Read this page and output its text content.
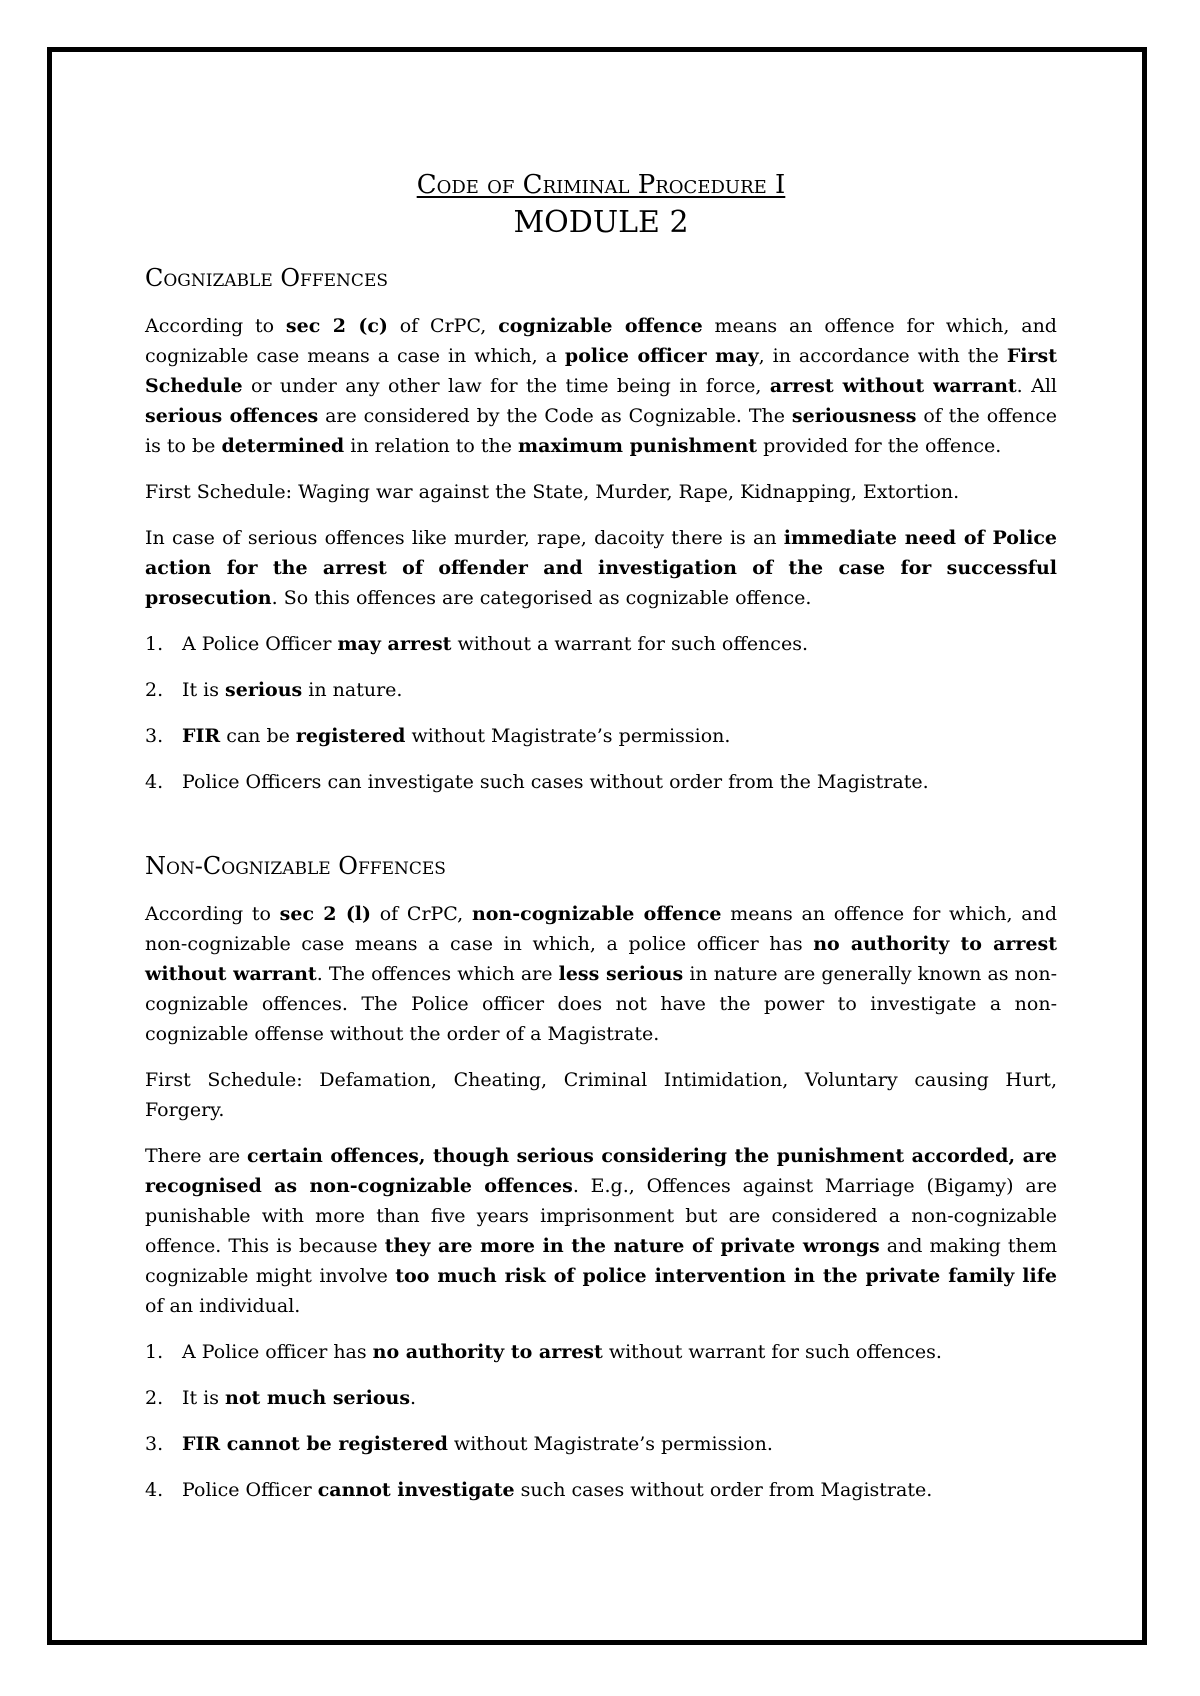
Code of Criminal Procedure I
MODULE 2
Cognizable Offences

According to sec 2 (c) of CrPC, cognizable offence means an offence for which, and cognizable case means a case in which, a police officer may, in accordance with the First Schedule or under any other law for the time being in force, arrest without warrant. All serious offences are considered by the Code as Cognizable. The seriousness of the offence is to be determined in relation to the maximum punishment provided for the offence.

First Schedule: Waging war against the State, Murder, Rape, Kidnapping, Extortion.

In case of serious offences like murder, rape, dacoity there is an immediate need of Police action for the arrest of offender and investigation of the case for successful prosecution. So this offences are categorised as cognizable offence.

1. A Police Officer may arrest without a warrant for such offences.
2. It is serious in nature.
3. FIR can be registered without Magistrate’s permission.
4. Police Officers can investigate such cases without order from the Magistrate.
Non-Cognizable Offences

According to sec 2 (l) of CrPC, non-cognizable offence means an offence for which, and non-cognizable case means a case in which, a police officer has no authority to arrest without warrant. The offences which are less serious in nature are generally known as non-cognizable offences. The Police officer does not have the power to investigate a non-cognizable offense without the order of a Magistrate.

First Schedule: Defamation, Cheating, Criminal Intimidation, Voluntary causing Hurt, Forgery.

There are certain offences, though serious considering the punishment accorded, are recognised as non-cognizable offences. E.g., Offences against Marriage (Bigamy) are punishable with more than five years imprisonment but are considered a non-cognizable offence. This is because they are more in the nature of private wrongs and making them cognizable might involve too much risk of police intervention in the private family life of an individual.

1. A Police officer has no authority to arrest without warrant for such offences.
2. It is not much serious.
3. FIR cannot be registered without Magistrate’s permission.
4. Police Officer cannot investigate such cases without order from Magistrate.
